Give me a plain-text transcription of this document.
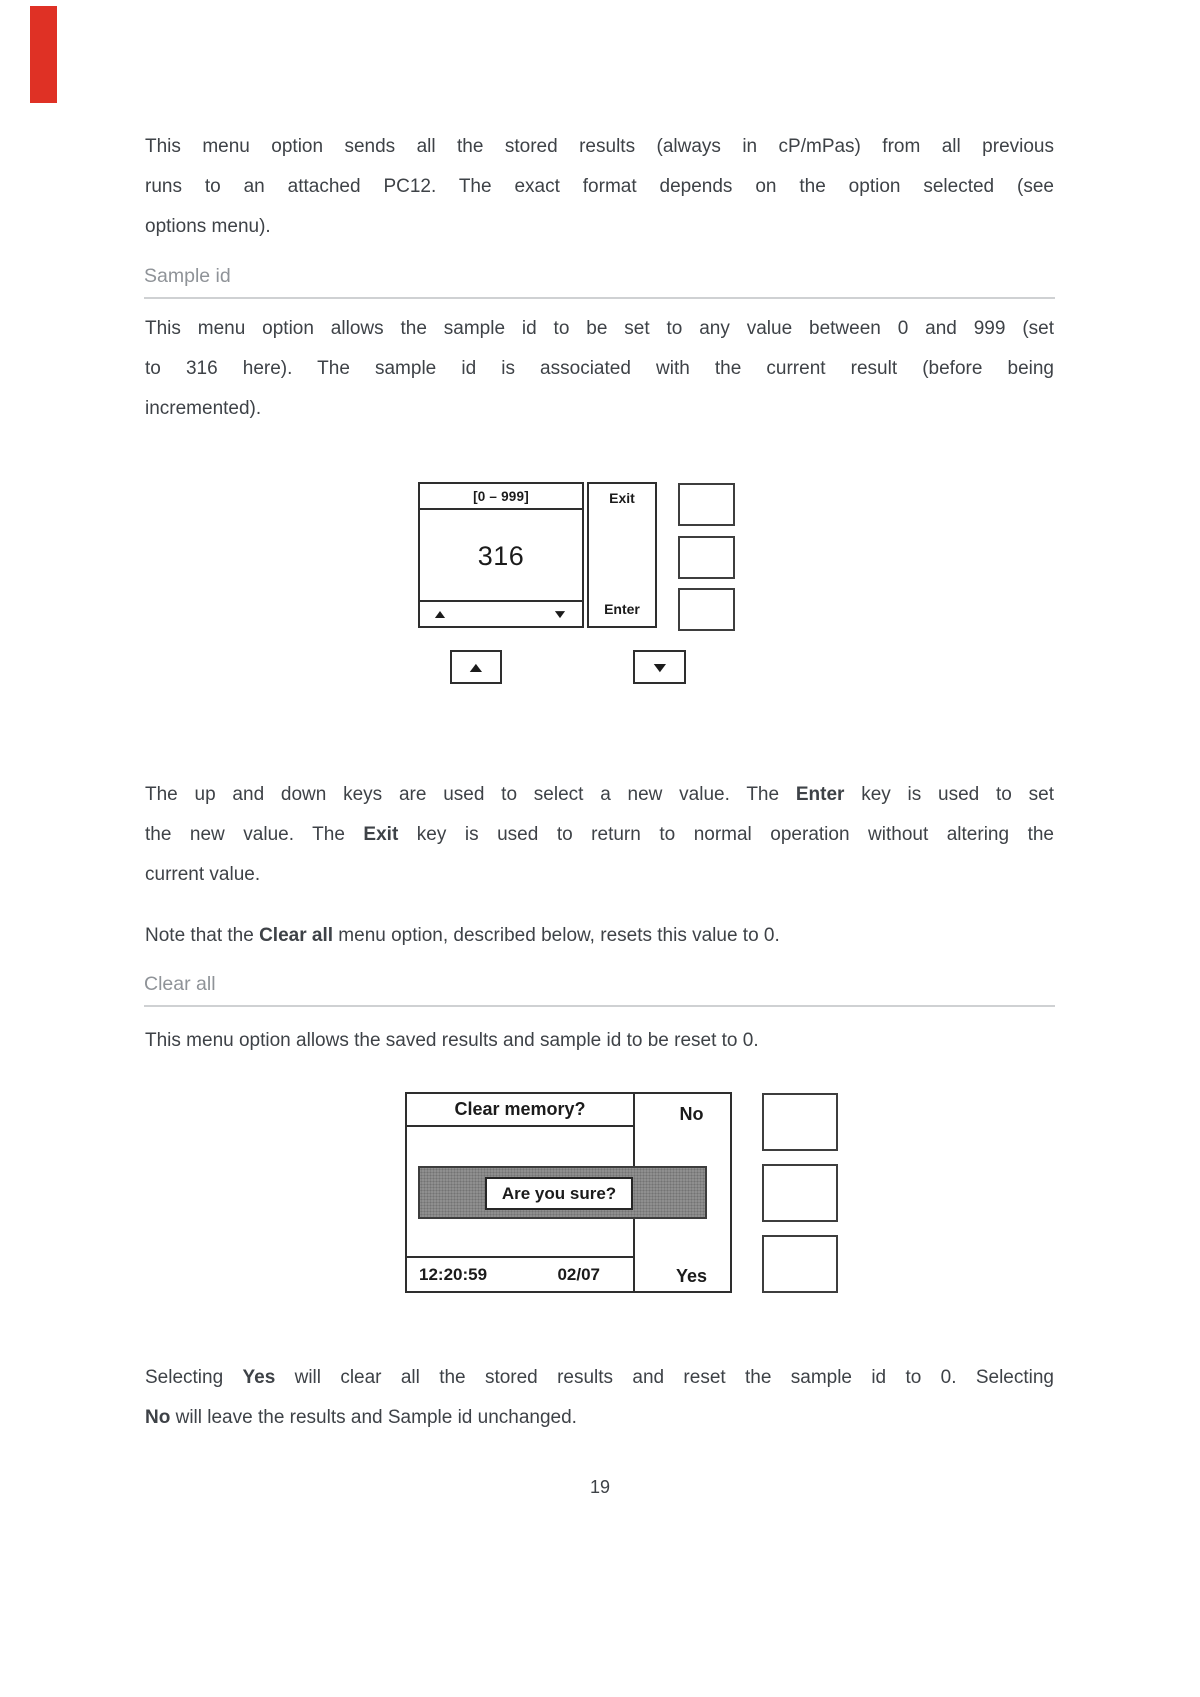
This menu option sends all the stored results (always in cP/mPas) from all previous
runs to an attached PC12. The exact format depends on the option selected (see
options menu).
Sample id
This menu option allows the sample id to be set to any value between 0 and 999 (set
to 316 here). The sample id is associated with the current result (before being
incremented).
[0 – 999]
316
▲	▼
Exit
Enter
▲	▼
The up and down keys are used to select a new value. The Enter key is used to set
the new value. The Exit key is used to return to normal operation without altering the
current value.
Note that the Clear all menu option, described below, resets this value to 0.
Clear all
This menu option allows the saved results and sample id to be reset to 0.
Clear memory?
12:20:59	02/07
No
Yes
Are you sure?
Selecting Yes will clear all the stored results and reset the sample id to 0. Selecting
No will leave the results and Sample id unchanged.
19
